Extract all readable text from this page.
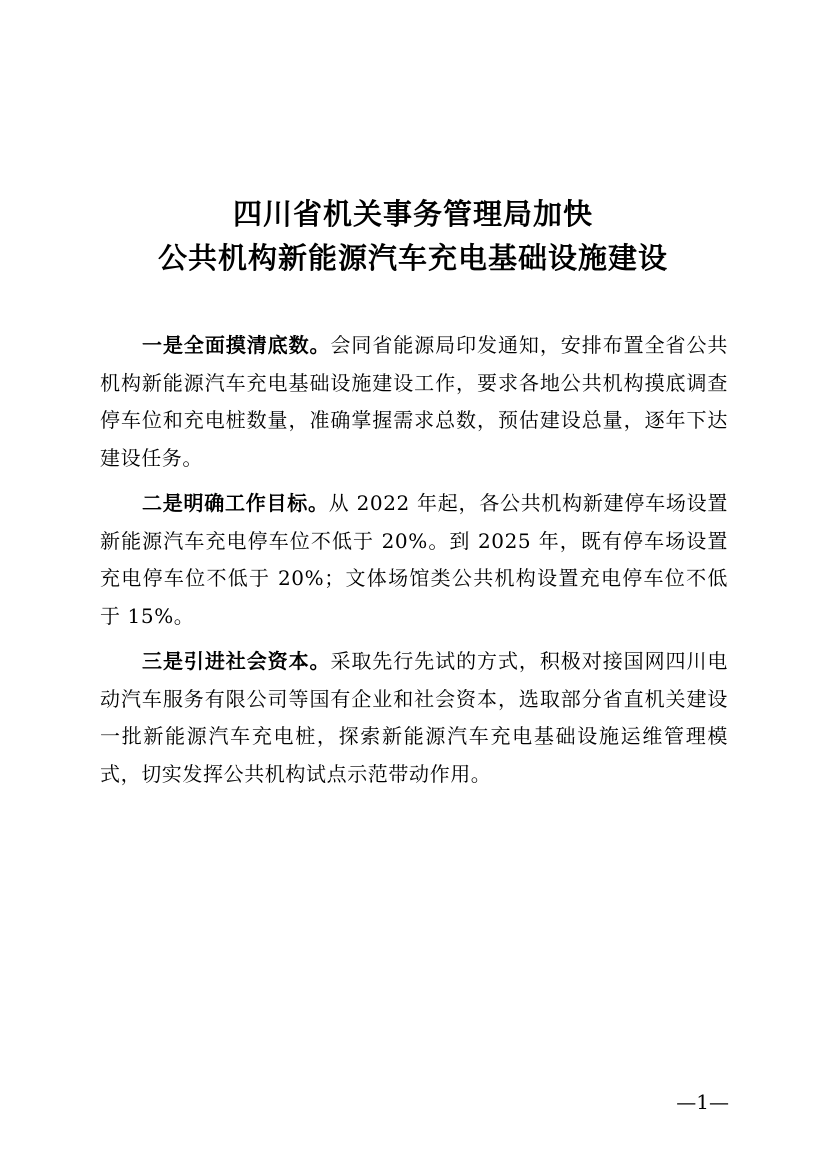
四川省机关事务管理局加快
公共机构新能源汽车充电基础设施建设

一是全面摸清底数。会同省能源局印发通知，安排布置全省公共机构新能源汽车充电基础设施建设工作，要求各地公共机构摸底调查停车位和充电桩数量，准确掌握需求总数，预估建设总量，逐年下达建设任务。

二是明确工作目标。从 2022 年起，各公共机构新建停车场设置新能源汽车充电停车位不低于 20%。到 2025 年，既有停车场设置充电停车位不低于 20%；文体场馆类公共机构设置充电停车位不低于 15%。

三是引进社会资本。采取先行先试的方式，积极对接国网四川电动汽车服务有限公司等国有企业和社会资本，选取部分省直机关建设一批新能源汽车充电桩，探索新能源汽车充电基础设施运维管理模式，切实发挥公共机构试点示范带动作用。

—1—
